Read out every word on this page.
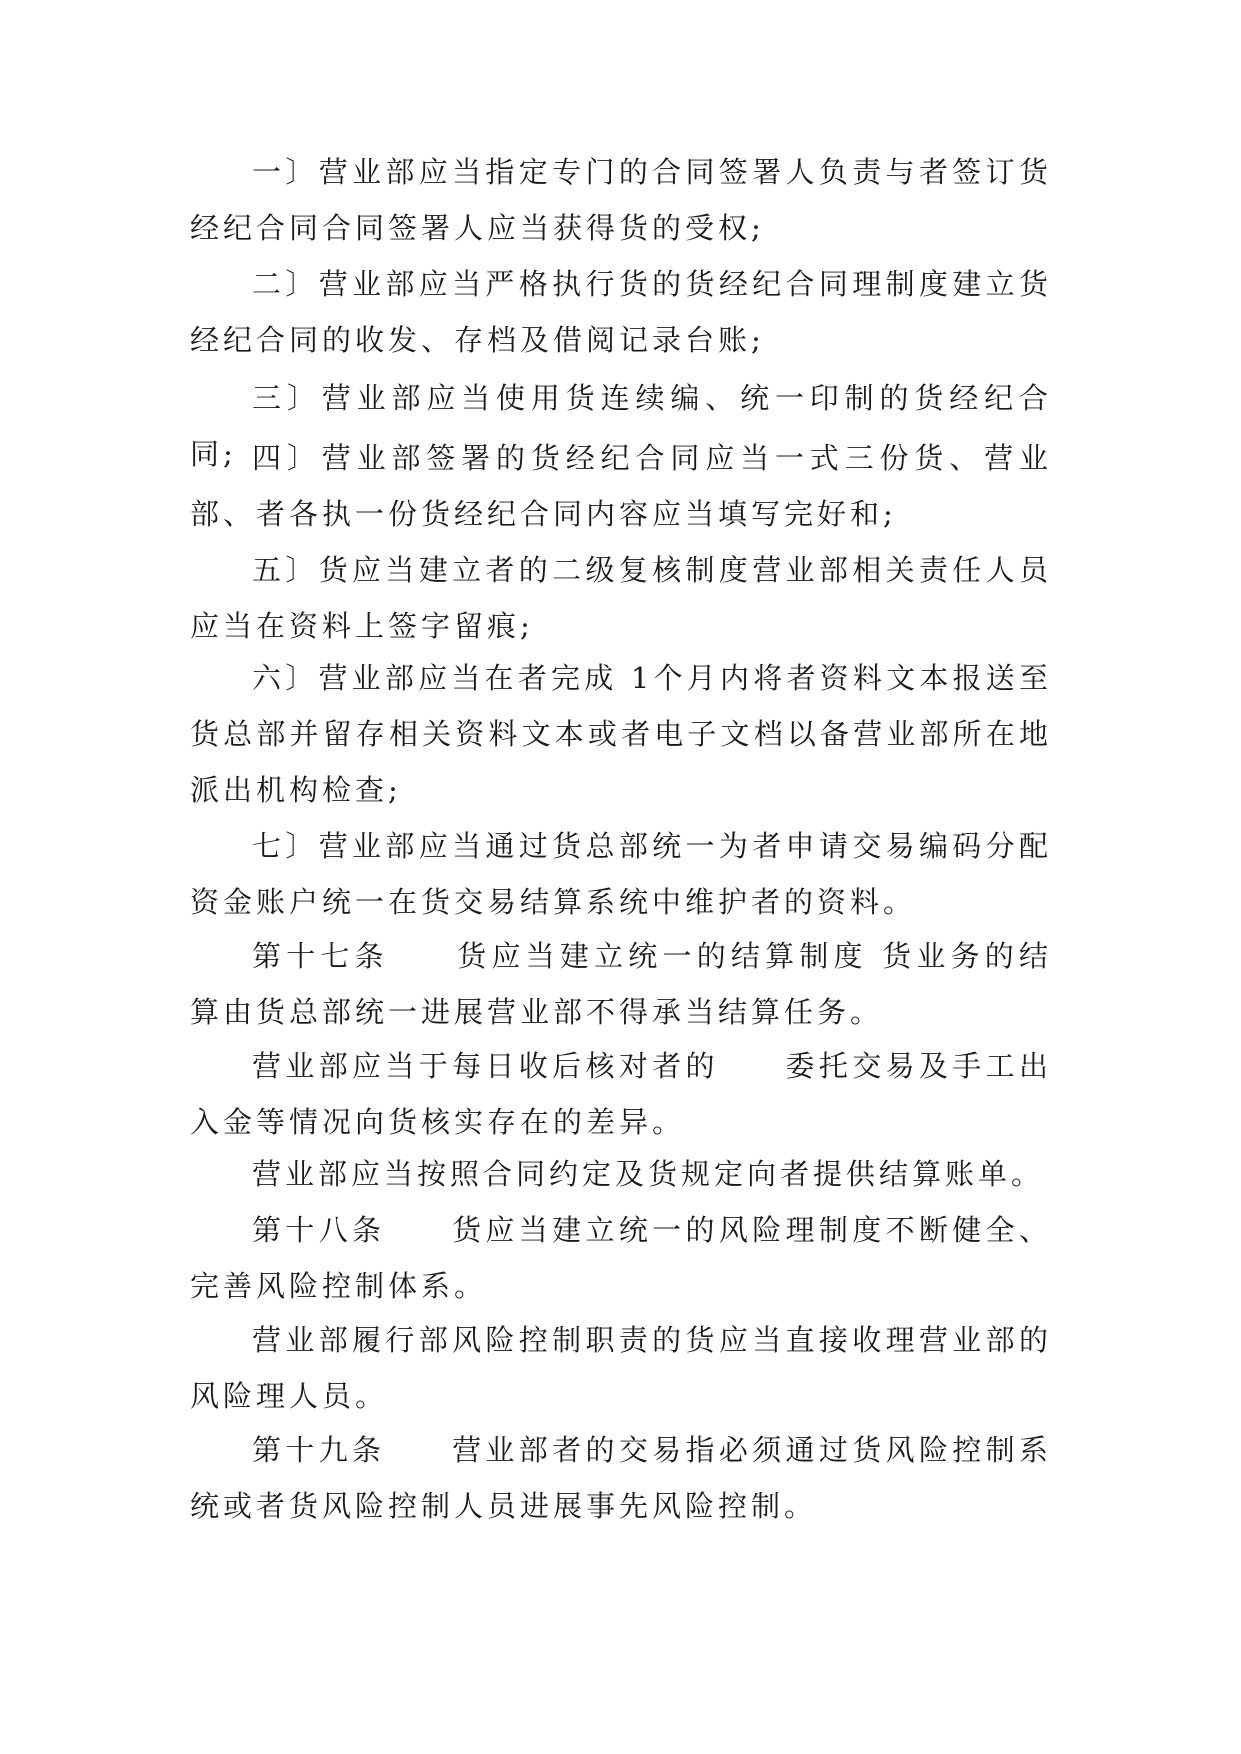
一〕营业部应当指定专门的合同签署人负责与者签订货经纪合同合同签署人应当获得货的受权;

二〕营业部应当严格执行货的货经纪合同理制度建立货经纪合同的收发、存档及借阅记录台账;

三〕营业部应当使用货连续编、统一印制的货经纪合同; 四〕营业部签署的货经纪合同应当一式三份货、营业部、者各执一份货经纪合同内容应当填写完好和;

五〕货应当建立者的二级复核制度营业部相关责任人员应当在资料上签字留痕;

六〕营业部应当在者完成 1个月内将者资料文本报送至货总部并留存相关资料文本或者电子文档以备营业部所在地派出机构检查;

七〕营业部应当通过货总部统一为者申请交易编码分配资金账户统一在货交易结算系统中维护者的资料。

第十七条　　货应当建立统一的结算制度 货业务的结算由货总部统一进展营业部不得承当结算任务。

营业部应当于每日收后核对者的　　委托交易及手工出入金等情况向货核实存在的差异。

营业部应当按照合同约定及货规定向者提供结算账单。

第十八条　　货应当建立统一的风险理制度不断健全、完善风险控制体系。

营业部履行部风险控制职责的货应当直接收理营业部的风险理人员。

第十九条　　营业部者的交易指必须通过货风险控制系统或者货风险控制人员进展事先风险控制。
